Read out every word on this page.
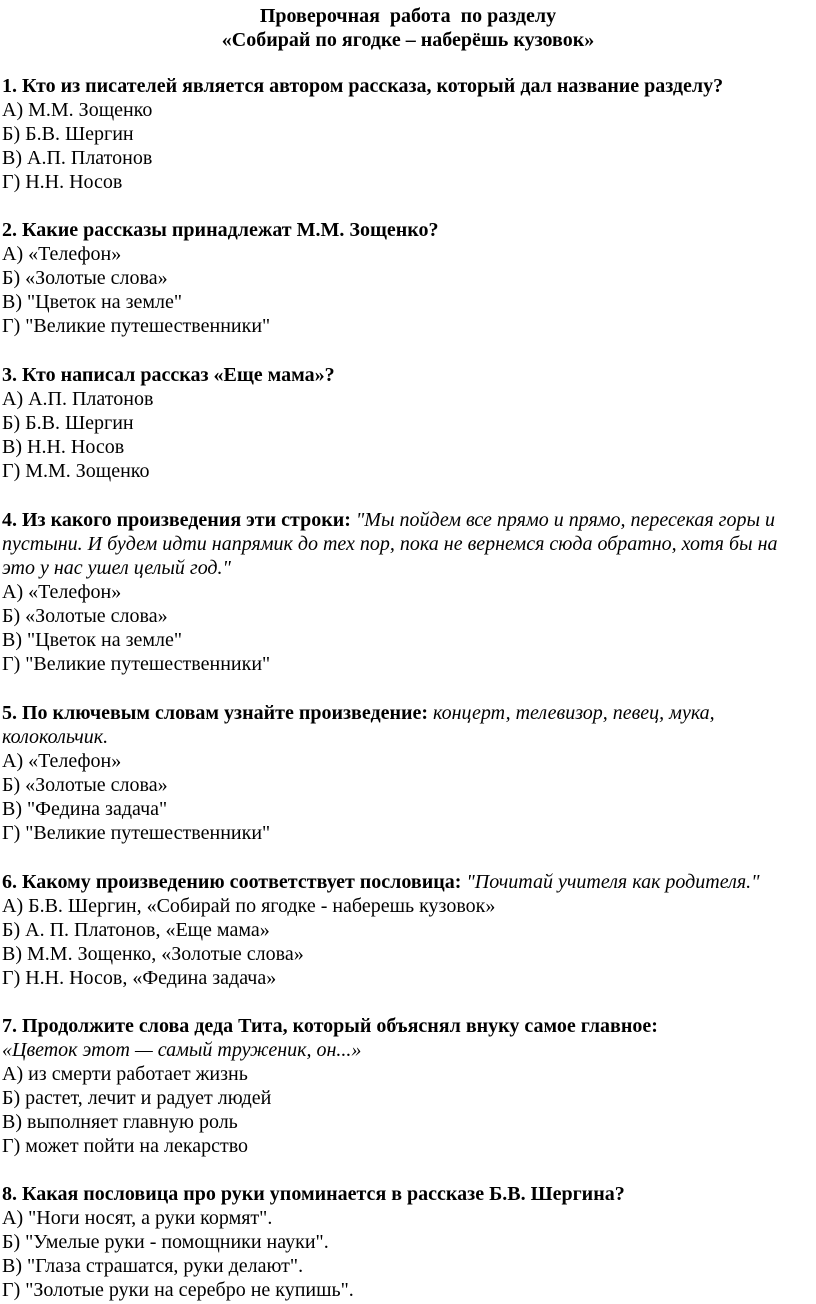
Проверочная  работа  по разделу
«Собирай по ягодке – наберёшь кузовок»
1. Кто из писателей является автором рассказа, который дал название разделу?
А) М.М. Зощенко
Б) Б.В. Шергин
В) А.П. Платонов
Г) Н.Н. Носов
2. Какие рассказы принадлежат М.М. Зощенко?
А) «Телефон»
Б) «Золотые слова»
В) "Цветок на земле"
Г) "Великие путешественники"
3. Кто написал рассказ «Еще мама»?
А) А.П. Платонов
Б) Б.В. Шергин
В) Н.Н. Носов
Г) М.М. Зощенко
4. Из какого произведения эти строки: "Мы пойдем все прямо и прямо, пересекая горы и
пустыни. И будем идти напрямик до тех пор, пока не вернемся сюда обратно, хотя бы на
это у нас ушел целый год."
А) «Телефон»
Б) «Золотые слова»
В) "Цветок на земле"
Г) "Великие путешественники"
5. По ключевым словам узнайте произведение: концерт, телевизор, певец, мука,
колокольчик.
А) «Телефон»
Б) «Золотые слова»
В) "Федина задача"
Г) "Великие путешественники"
6. Какому произведению соответствует пословица: "Почитай учителя как родителя."
А) Б.В. Шергин, «Собирай по ягодке - наберешь кузовок»
Б) А. П. Платонов, «Еще мама»
В) М.М. Зощенко, «Золотые слова»
Г) Н.Н. Носов, «Федина задача»
7. Продолжите слова деда Тита, который объяснял внуку самое главное:
«Цветок этот — самый труженик, он...»
А) из смерти работает жизнь
Б) растет, лечит и радует людей
В) выполняет главную роль
Г) может пойти на лекарство
8. Какая пословица про руки упоминается в рассказе Б.В. Шергина?
А) "Ноги носят, а руки кормят".
Б) "Умелые руки - помощники науки".
В) "Глаза страшатся, руки делают".
Г) "Золотые руки на серебро не купишь".
